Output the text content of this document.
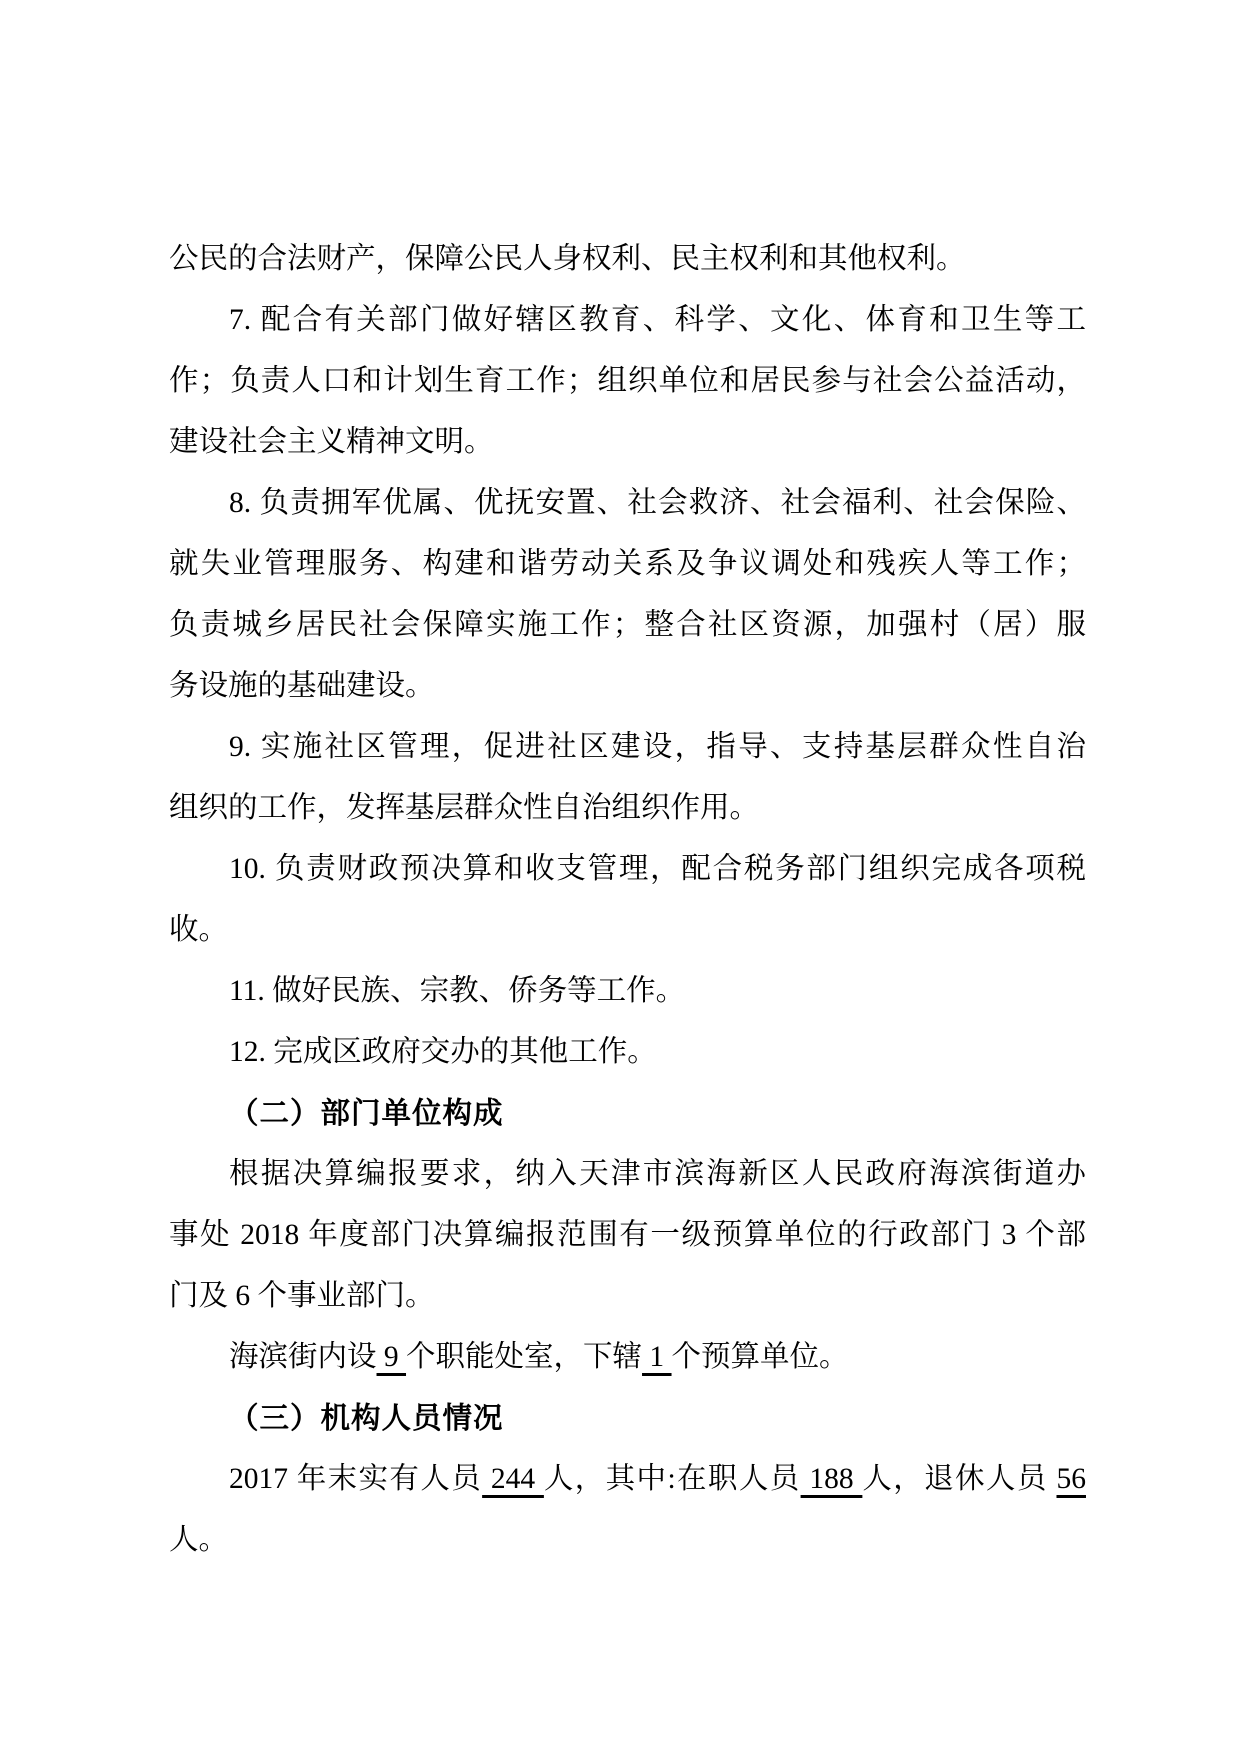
公民的合法财产，保障公民人身权利、民主权利和其他权利。
7. 配合有关部门做好辖区教育、科学、文化、体育和卫生等工
作；负责人口和计划生育工作；组织单位和居民参与社会公益活动，
建设社会主义精神文明。
8. 负责拥军优属、优抚安置、社会救济、社会福利、社会保险、
就失业管理服务、构建和谐劳动关系及争议调处和残疾人等工作；
负责城乡居民社会保障实施工作；整合社区资源，加强村（居）服
务设施的基础建设。
9. 实施社区管理，促进社区建设，指导、支持基层群众性自治
组织的工作，发挥基层群众性自治组织作用。
10. 负责财政预决算和收支管理，配合税务部门组织完成各项税
收。
11. 做好民族、宗教、侨务等工作。
12. 完成区政府交办的其他工作。
（二）部门单位构成
根据决算编报要求，纳入天津市滨海新区人民政府海滨街道办
事处 2018 年度部门决算编报范围有一级预算单位的行政部门 3 个部
门及 6 个事业部门。
海滨街内设 9 个职能处室，下辖 1 个预算单位。
（三）机构人员情况
2017 年末实有人员 244 人，其中:在职人员 188 人，退休人员 56
人。
